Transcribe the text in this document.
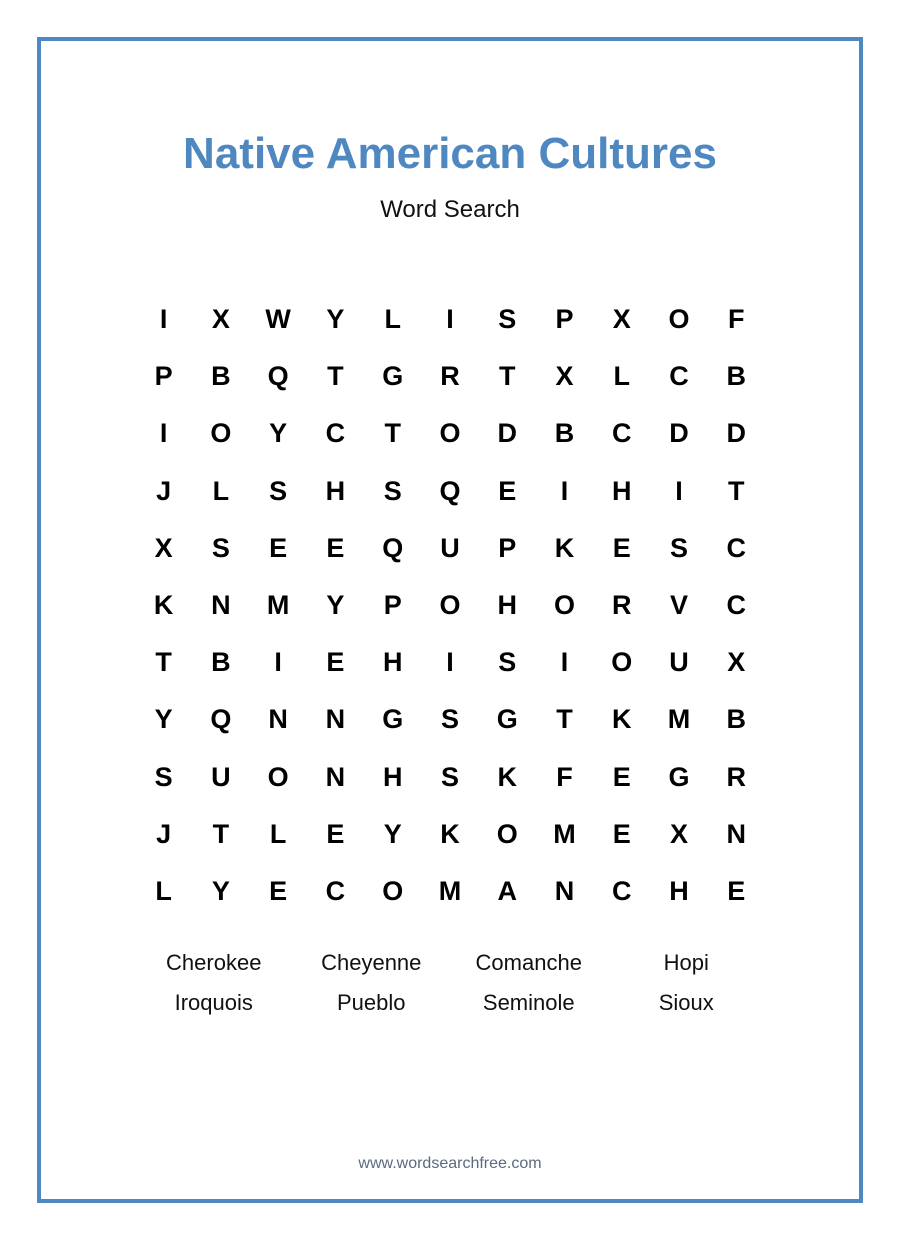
Native American Cultures
Word Search
I	X	W	Y	L	I	S	P	X	O	F
P	B	Q	T	G	R	T	X	L	C	B
I	O	Y	C	T	O	D	B	C	D	D
J	L	S	H	S	Q	E	I	H	I	T
X	S	E	E	Q	U	P	K	E	S	C
K	N	M	Y	P	O	H	O	R	V	C
T	B	I	E	H	I	S	I	O	U	X
Y	Q	N	N	G	S	G	T	K	M	B
S	U	O	N	H	S	K	F	E	G	R
J	T	L	E	Y	K	O	M	E	X	N
L	Y	E	C	O	M	A	N	C	H	E
Cherokee	Cheyenne	Comanche	Hopi
Iroquois	Pueblo	Seminole	Sioux
www.wordsearchfree.com
